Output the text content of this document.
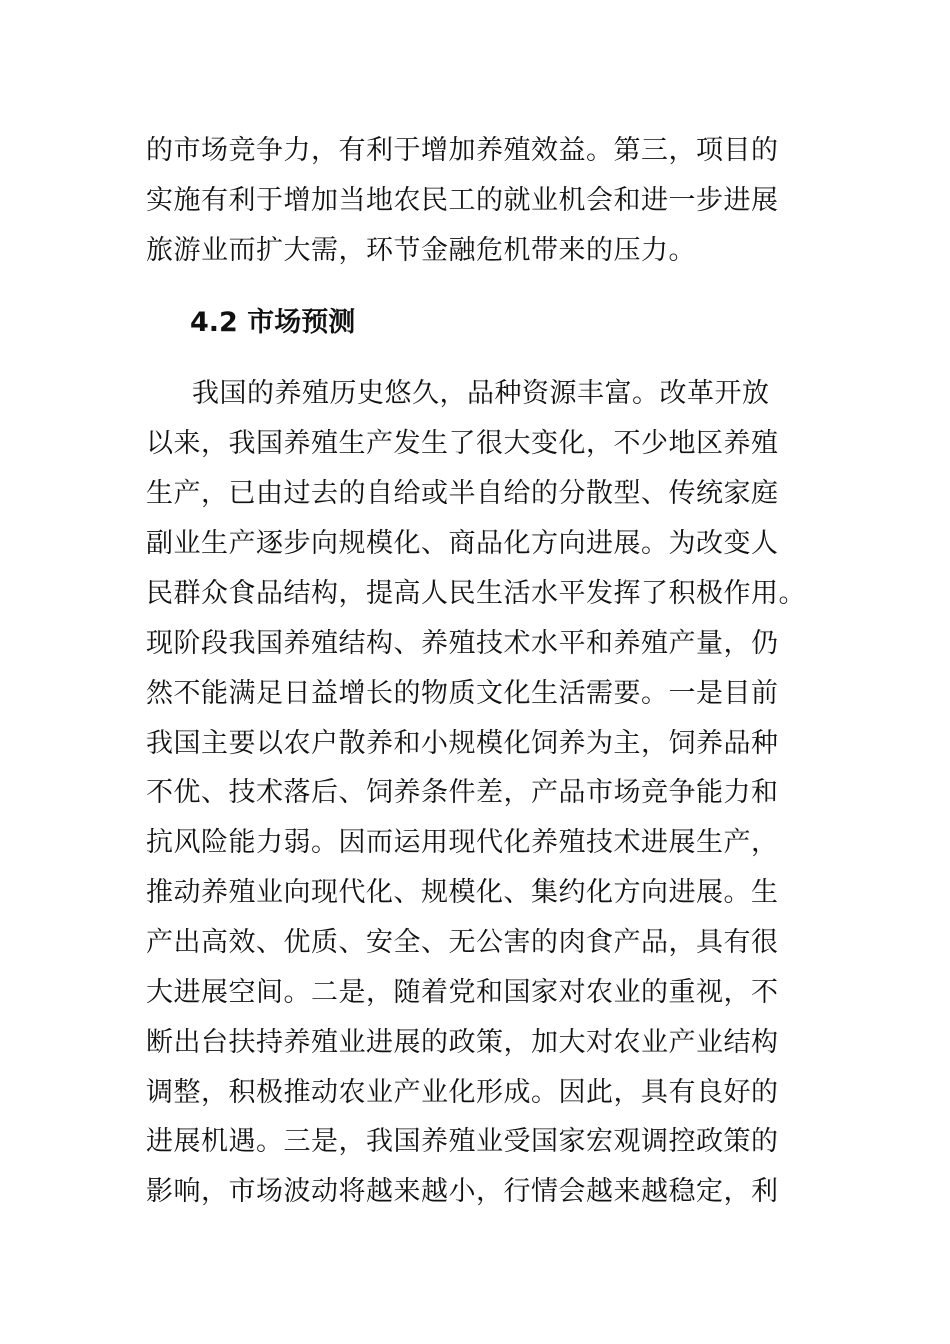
的市场竞争力，有利于增加养殖效益。第三，项目的
实施有利于增加当地农民工的就业机会和进一步进展
旅游业而扩大需，环节金融危机带来的压力。
4.2 市场预测
我国的养殖历史悠久，品种资源丰富。改革开放
以来，我国养殖生产发生了很大变化，不少地区养殖
生产，已由过去的自给或半自给的分散型、传统家庭
副业生产逐步向规模化、商品化方向进展。为改变人
民群众食品结构，提高人民生活水平发挥了积极作用。
现阶段我国养殖结构、养殖技术水平和养殖产量，仍
然不能满足日益增长的物质文化生活需要。一是目前
我国主要以农户散养和小规模化饲养为主，饲养品种
不优、技术落后、饲养条件差，产品市场竞争能力和
抗风险能力弱。因而运用现代化养殖技术进展生产，
推动养殖业向现代化、规模化、集约化方向进展。生
产出高效、优质、安全、无公害的肉食产品，具有很
大进展空间。二是，随着党和国家对农业的重视，不
断出台扶持养殖业进展的政策，加大对农业产业结构
调整，积极推动农业产业化形成。因此，具有良好的
进展机遇。三是，我国养殖业受国家宏观调控政策的
影响，市场波动将越来越小，行情会越来越稳定，利
